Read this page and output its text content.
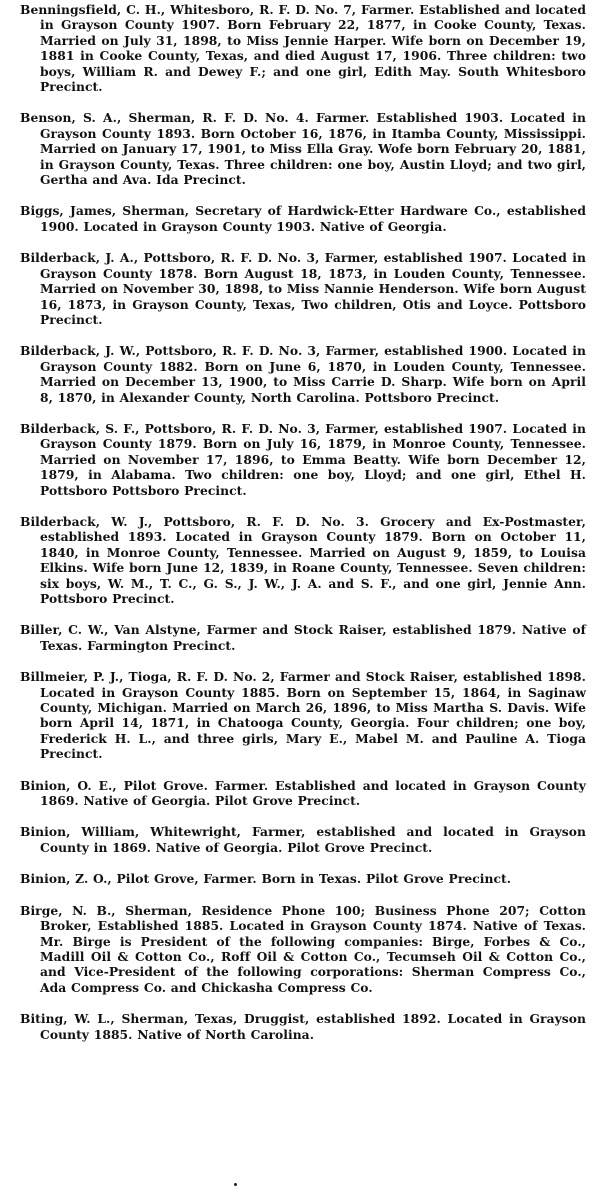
Benningsfield, C. H., Whitesboro, R. F. D. No. 7, Farmer. Established and located in Grayson County 1907. Born February 22, 1877, in Cooke County, Texas. Married on July 31, 1898, to Miss Jennie Harper. Wife born on December 19, 1881 in Cooke County, Texas, and died August 17, 1906. Three children: two boys, William R. and Dewey F.; and one girl, Edith May. South Whitesboro Precinct.

Benson, S. A., Sherman, R. F. D. No. 4. Farmer. Established 1903. Located in Grayson County 1893. Born October 16, 1876, in Itamba County, Mississippi. Married on January 17, 1901, to Miss Ella Gray. Wofe born February 20, 1881, in Grayson County, Texas. Three children: one boy, Austin Lloyd; and two girl, Gertha and Ava. Ida Precinct.

Biggs, James, Sherman, Secretary of Hardwick-Etter Hardware Co., established 1900. Located in Grayson County 1903. Native of Georgia.

Bilderback, J. A., Pottsboro, R. F. D. No. 3, Farmer, established 1907. Located in Grayson County 1878. Born August 18, 1873, in Louden County, Tennessee. Married on November 30, 1898, to Miss Nannie Henderson. Wife born August 16, 1873, in Grayson County, Texas, Two children, Otis and Loyce. Pottsboro Precinct.

Bilderback, J. W., Pottsboro, R. F. D. No. 3, Farmer, established 1900. Located in Grayson County 1882. Born on June 6, 1870, in Louden County, Tennessee. Married on December 13, 1900, to Miss Carrie D. Sharp. Wife born on April 8, 1870, in Alexander County, North Carolina. Pottsboro Precinct.

Bilderback, S. F., Pottsboro, R. F. D. No. 3, Farmer, established 1907. Located in Grayson County 1879. Born on July 16, 1879, in Monroe County, Tennessee. Married on November 17, 1896, to Emma Beatty. Wife born December 12, 1879, in Alabama. Two children: one boy, Lloyd; and one girl, Ethel H. Pottsboro Pottsboro Precinct.

Bilderback, W. J., Pottsboro, R. F. D. No. 3. Grocery and Ex-Postmaster, established 1893. Located in Grayson County 1879. Born on October 11, 1840, in Monroe County, Tennessee. Married on August 9, 1859, to Louisa Elkins. Wife born June 12, 1839, in Roane County, Tennessee. Seven children: six boys, W. M., T. C., G. S., J. W., J. A. and S. F., and one girl, Jennie Ann. Pottsboro Precinct.

Biller, C. W., Van Alstyne, Farmer and Stock Raiser, established 1879. Native of Texas. Farmington Precinct.

Billmeier, P. J., Tioga, R. F. D. No. 2, Farmer and Stock Raiser, established 1898. Located in Grayson County 1885. Born on September 15, 1864, in Saginaw County, Michigan. Married on March 26, 1896, to Miss Martha S. Davis. Wife born April 14, 1871, in Chatooga County, Georgia. Four children; one boy, Frederick H. L., and three girls, Mary E., Mabel M. and Pauline A. Tioga Precinct.

Binion, O. E., Pilot Grove. Farmer. Established and located in Grayson County 1869. Native of Georgia. Pilot Grove Precinct.

Binion, William, Whitewright, Farmer, established and located in Grayson County in 1869. Native of Georgia. Pilot Grove Precinct.

Binion, Z. O., Pilot Grove, Farmer. Born in Texas. Pilot Grove Precinct.

Birge, N. B., Sherman, Residence Phone 100; Business Phone 207; Cotton Broker, Established 1885. Located in Grayson County 1874. Native of Texas. Mr. Birge is President of the following companies: Birge, Forbes & Co., Madill Oil & Cotton Co., Roff Oil & Cotton Co., Tecumseh Oil & Cotton Co., and Vice-President of the following corporations: Sherman Compress Co., Ada Compress Co. and Chickasha Compress Co.

Biting, W. L., Sherman, Texas, Druggist, established 1892. Located in Grayson County 1885. Native of North Carolina.
